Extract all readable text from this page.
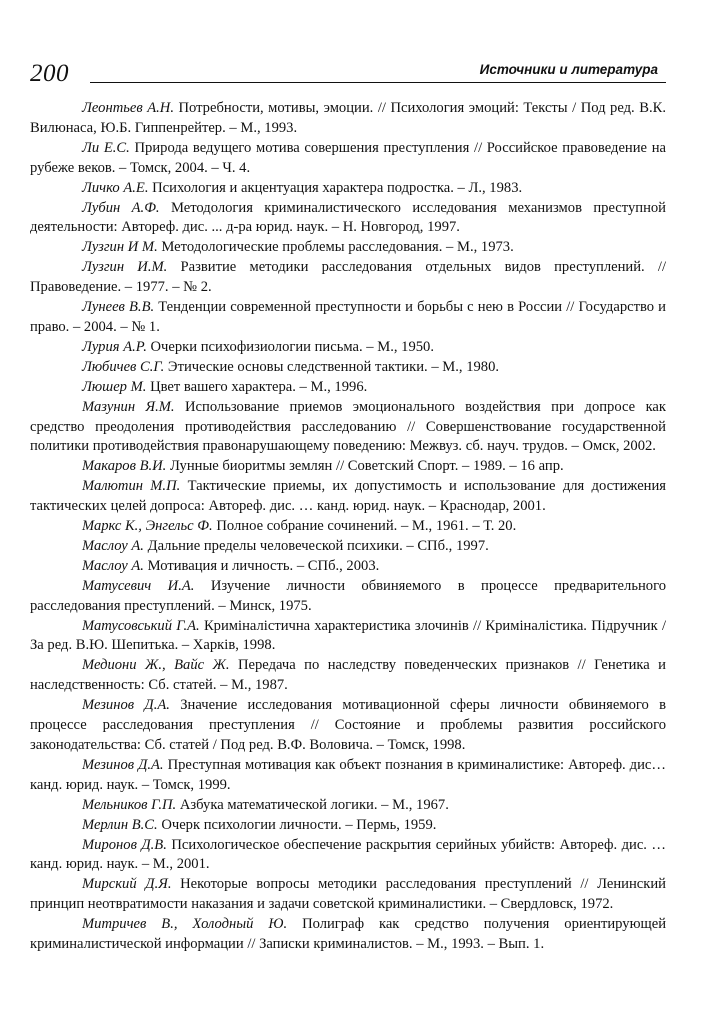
200	Источники и литература

Леонтьев А.Н. Потребности, мотивы, эмоции. // Психология эмоций: Тексты / Под ред. В.К. Вилюнаса, Ю.Б. Гиппенрейтер. – М., 1993.

Ли Е.С. Природа ведущего мотива совершения преступления // Российское правоведение на рубеже веков. – Томск, 2004. – Ч. 4.

Личко А.Е. Психология и акцентуация характера подростка. – Л., 1983.

Лубин А.Ф. Методология криминалистического исследования механизмов преступной деятельности: Автореф. дис. ... д-ра юрид. наук. – Н. Новгород, 1997.

Лузгин И М. Методологические проблемы расследования. – М., 1973.

Лузгин И.М. Развитие методики расследования отдельных видов преступлений. // Правоведение. – 1977. – № 2.

Лунеев В.В. Тенденции современной преступности и борьбы с нею в России // Государство и право. – 2004. – № 1.

Лурия А.Р. Очерки психофизиологии письма. – М., 1950.

Любичев С.Г. Этические основы следственной тактики. – М., 1980.

Люшер М. Цвет вашего характера. – М., 1996.

Мазунин Я.М. Использование приемов эмоционального воздействия при допросе как средство преодоления противодействия расследованию // Совершенствование государственной политики противодействия правонарушающему поведению: Межвуз. сб. науч. трудов. – Омск, 2002.

Макаров В.И. Лунные биоритмы землян // Советский Спорт. – 1989. – 16 апр.

Малютин М.П. Тактические приемы, их допустимость и использование для достижения тактических целей допроса: Автореф. дис. … канд. юрид. наук. – Краснодар, 2001.

Маркс К., Энгельс Ф. Полное собрание сочинений. – М., 1961. – Т. 20.

Маслоу А. Дальние пределы человеческой психики. – СПб., 1997.

Маслоу А. Мотивация и личность. – СПб., 2003.

Матусевич И.А. Изучение личности обвиняемого в процессе предварительного расследования преступлений. – Минск, 1975.

Матусовський Г.А. Криміналістична характеристика злочинів // Криміналістика. Підручник / За ред. В.Ю. Шепитька. – Харків, 1998.

Медиони Ж., Вайс Ж. Передача по наследству поведенческих признаков // Генетика и наследственность: Сб. статей. – М., 1987.

Мезинов Д.А. Значение исследования мотивационной сферы личности обвиняемого в процессе расследования преступления // Состояние и проблемы развития российского законодательства: Сб. статей / Под ред. В.Ф. Воловича. – Томск, 1998.

Мезинов Д.А. Преступная мотивация как объект познания в криминалистике: Автореф. дис… канд. юрид. наук. – Томск, 1999.

Мельников Г.П. Азбука математической логики. – М., 1967.

Мерлин В.С. Очерк психологии личности. – Пермь, 1959.

Миронов Д.В. Психологическое обеспечение раскрытия серийных убийств: Автореф. дис. … канд. юрид. наук. – М., 2001.

Мирский Д.Я. Некоторые вопросы методики расследования преступлений // Ленинский принцип неотвратимости наказания и задачи советской криминалистики. – Свердловск, 1972.

Митричев В., Холодный Ю. Полиграф как средство получения ориентирующей криминалистической информации // Записки криминалистов. – М., 1993. – Вып. 1.
